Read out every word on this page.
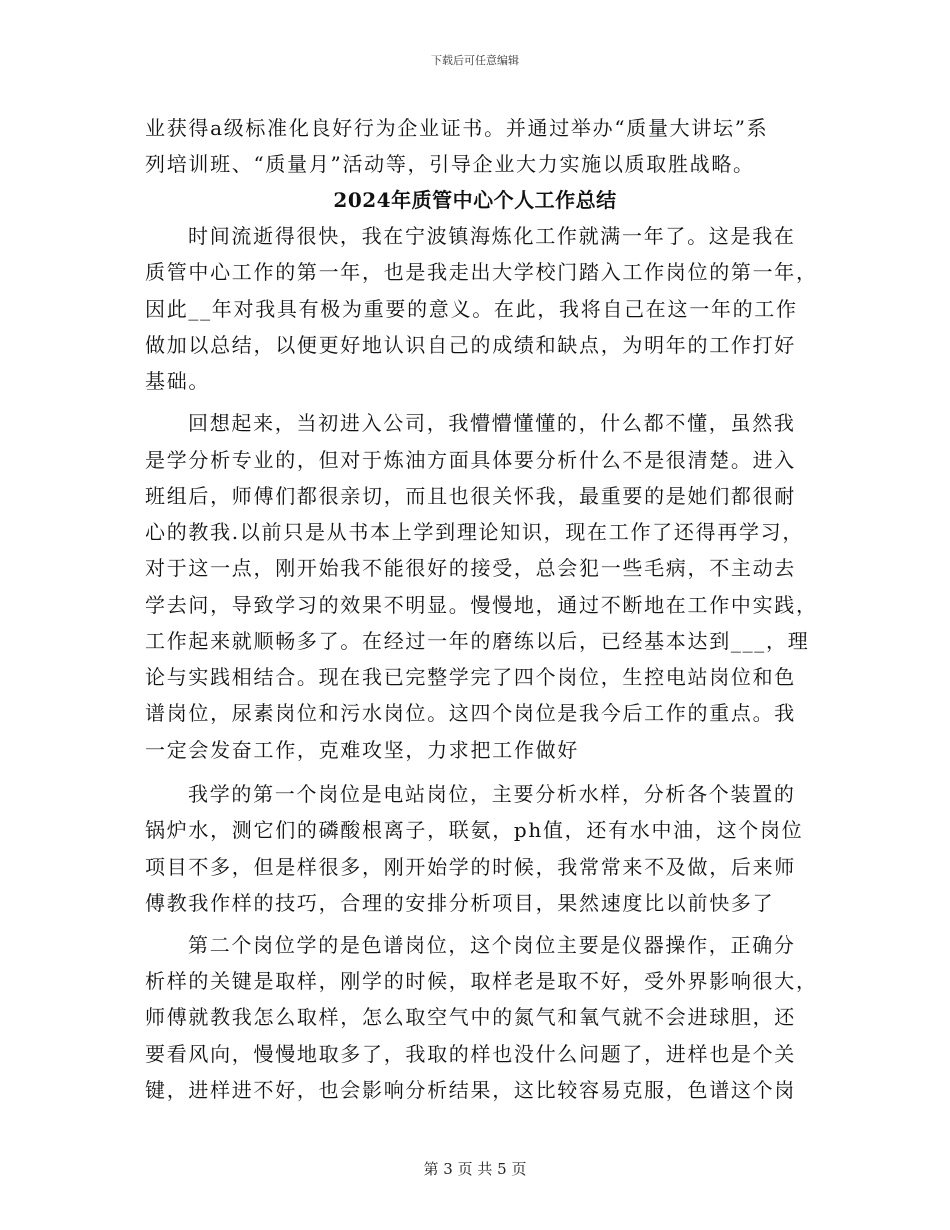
下载后可任意编辑
业获得a级标准化良好行为企业证书。并通过举办“质量大讲坛”系
列培训班、“质量月”活动等，引导企业大力实施以质取胜战略。
2024年质管中心个人工作总结
时间流逝得很快，我在宁波镇海炼化工作就满一年了。这是我在
质管中心工作的第一年，也是我走出大学校门踏入工作岗位的第一年，
因此__年对我具有极为重要的意义。在此，我将自己在这一年的工作
做加以总结，以便更好地认识自己的成绩和缺点，为明年的工作打好
基础。
回想起来，当初进入公司，我懵懵懂懂的，什么都不懂，虽然我
是学分析专业的，但对于炼油方面具体要分析什么不是很清楚。进入
班组后，师傅们都很亲切，而且也很关怀我，最重要的是她们都很耐
心的教我.以前只是从书本上学到理论知识，现在工作了还得再学习，
对于这一点，刚开始我不能很好的接受，总会犯一些毛病，不主动去
学去问，导致学习的效果不明显。慢慢地，通过不断地在工作中实践，
工作起来就顺畅多了。在经过一年的磨练以后，已经基本达到___，理
论与实践相结合。现在我已完整学完了四个岗位，生控电站岗位和色
谱岗位，尿素岗位和污水岗位。这四个岗位是我今后工作的重点。我
一定会发奋工作，克难攻坚，力求把工作做好
我学的第一个岗位是电站岗位，主要分析水样，分析各个装置的
锅炉水，测它们的磷酸根离子，联氨，ph值，还有水中油，这个岗位
项目不多，但是样很多，刚开始学的时候，我常常来不及做，后来师
傅教我作样的技巧，合理的安排分析项目，果然速度比以前快多了
第二个岗位学的是色谱岗位，这个岗位主要是仪器操作，正确分
析样的关键是取样，刚学的时候，取样老是取不好，受外界影响很大，
师傅就教我怎么取样，怎么取空气中的氮气和氧气就不会进球胆，还
要看风向，慢慢地取多了，我取的样也没什么问题了，进样也是个关
键，进样进不好，也会影响分析结果，这比较容易克服，色谱这个岗
第 3 页 共 5 页
